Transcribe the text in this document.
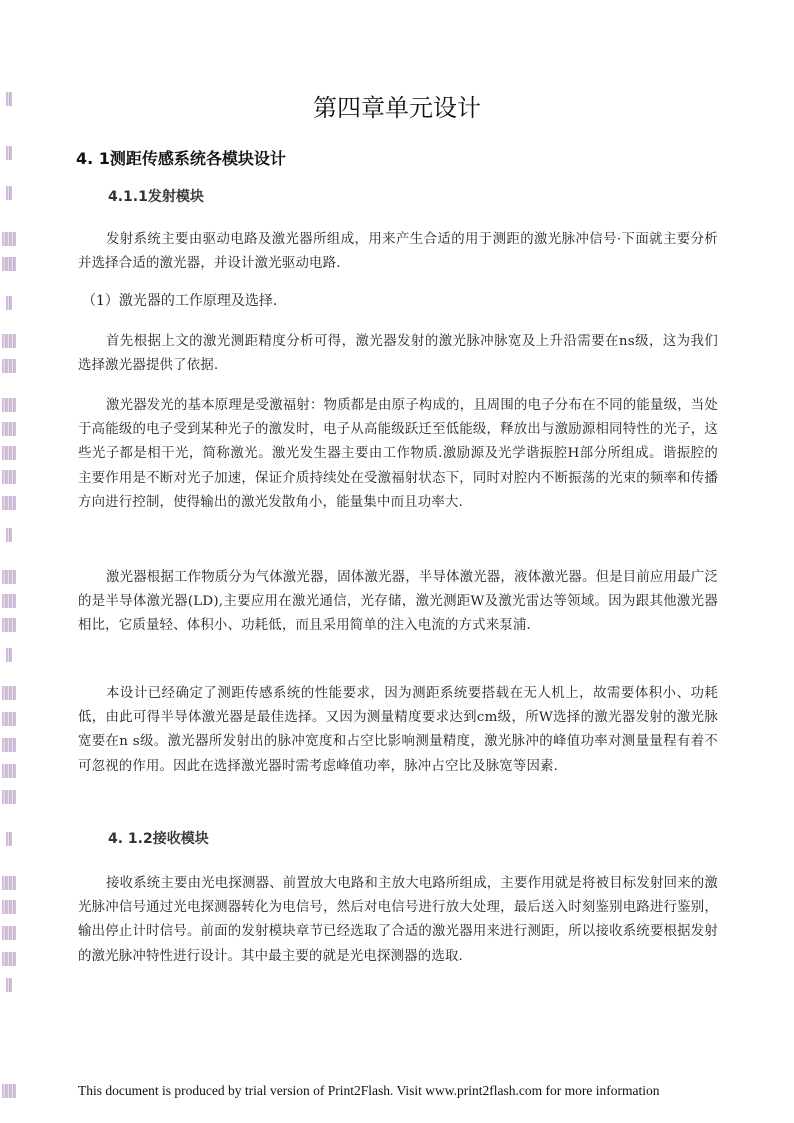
第四章单元设计
4. 1测距传感系统各模块设计
4.1.1发射模块
发射系统主要由驱动电路及激光器所组成，用来产生合适的用于测距的激光脉冲信号·下面就主要分析并选择合适的激光器，并设计激光驱动电路.
（1）激光器的工作原理及选择.
首先根据上文的激光测距精度分析可得，激光器发射的激光脉冲脉宽及上升沿需要在ns级，这为我们选择激光器提供了依据.
激光器发光的基本原理是受激福射：物质都是由原子构成的，且周围的电子分布在不同的能量级，当处于高能级的电子受到某种光子的激发时，电子从高能级跃迁至低能级，释放出与激励源相同特性的光子，这些光子都是相干光，简称激光。激光发生器主要由工作物质.激励源及光学谐振腔H部分所组成。谐振腔的主要作用是不断对光子加速，保证介质持续处在受激福射状态下，同时对腔内不断振荡的光束的频率和传播方向进行控制，使得输出的激光发散角小，能量集中而且功率大.
激光器根据工作物质分为气体激光器，固体激光器，半导体激光器，液体激光器。但是目前应用最广泛的是半导体激光器(LD),主要应用在激光通信，光存储，激光测距W及激光雷达等领域。因为跟其他激光器相比，它质量轻、体积小、功耗低，而且采用简单的注入电流的方式来泵浦.
本设计已经确定了测距传感系统的性能要求，因为测距系统要搭载在无人机上，故需要体积小、功耗低，由此可得半导体激光器是最佳选择。又因为测量精度要求达到cm级，所W选择的激光器发射的激光脉宽要在n s级。激光器所发射出的脉冲宽度和占空比影响测量精度，激光脉冲的峰值功率对测量量程有着不可忽视的作用。因此在选择激光器时需考虑峰值功率，脉冲占空比及脉宽等因素.
4. 1.2接收模块
接收系统主要由光电探测器、前置放大电路和主放大电路所组成，主要作用就是将被目标发射回来的激光脉冲信号通过光电探测器转化为电信号，然后对电信号进行放大处理，最后送入时刻鉴别电路进行鉴别，输出停止计时信号。前面的发射模块章节已经选取了合适的激光器用来进行测距，所以接收系统要根据发射的激光脉冲特性进行设计。其中最主要的就是光电探测器的选取.
This document is produced by trial version of Print2Flash. Visit www.print2flash.com for more information
